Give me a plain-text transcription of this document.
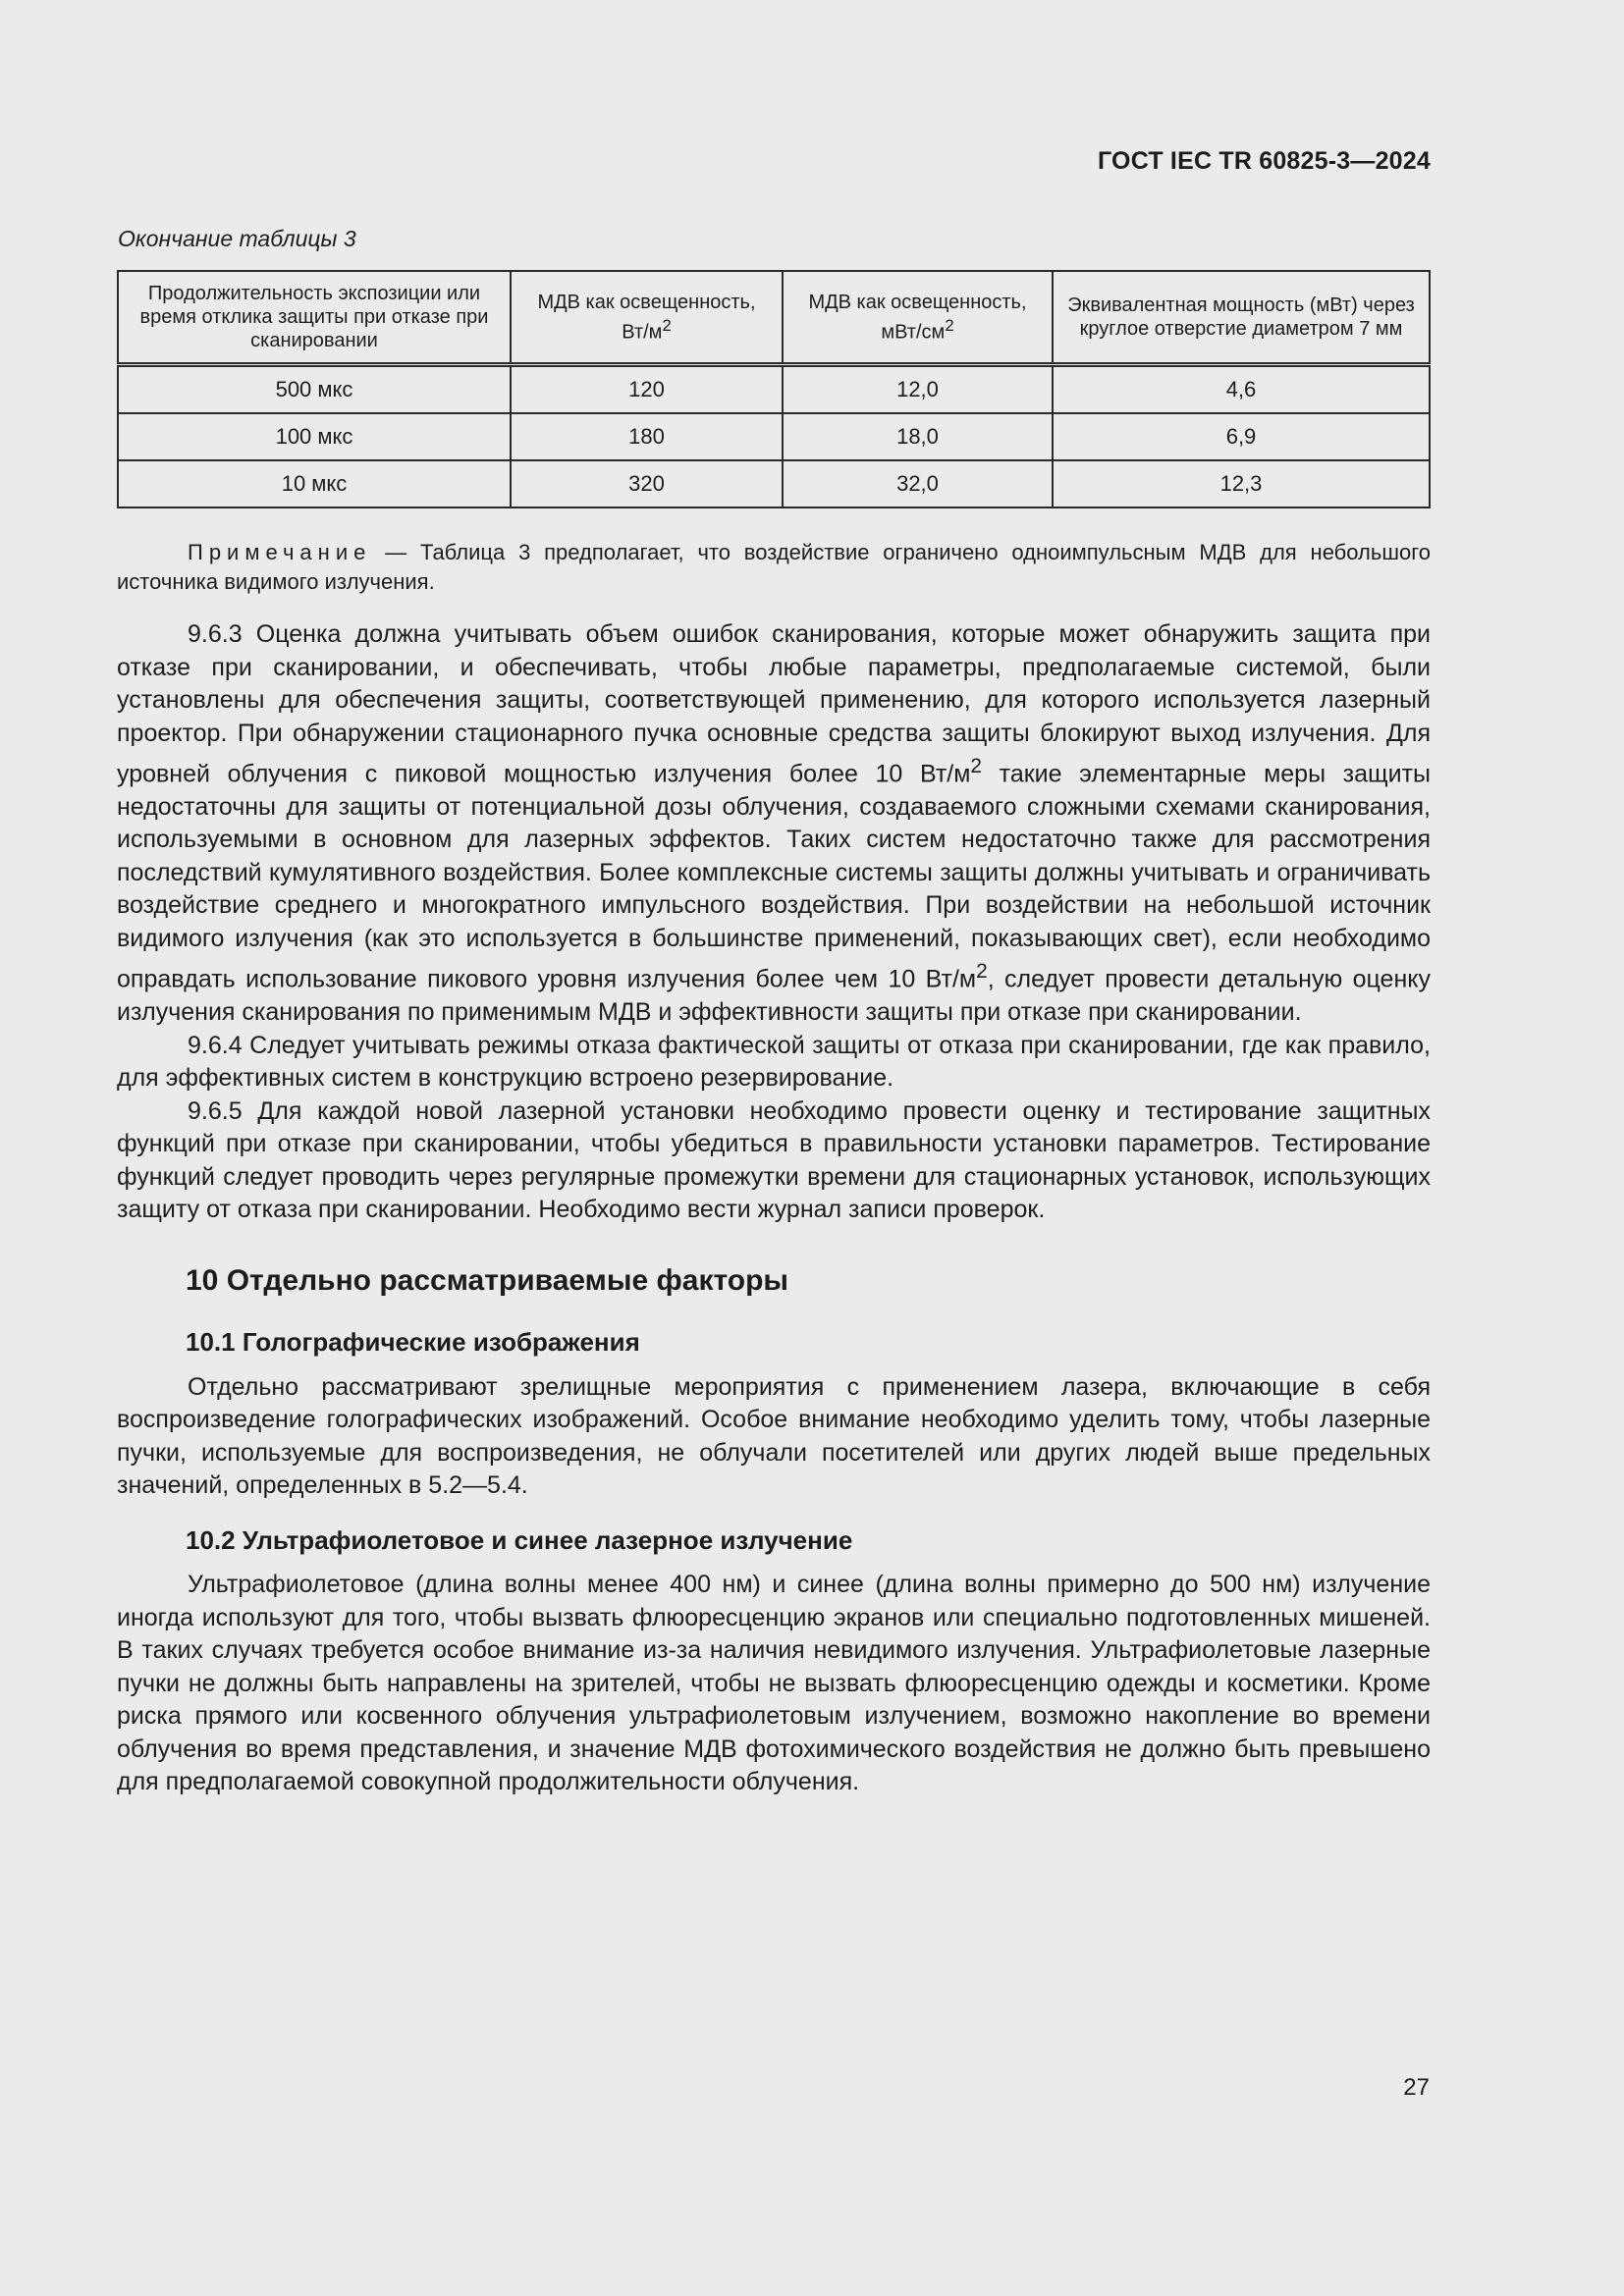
ГОСТ IEC TR 60825-3—2024
Окончание таблицы 3
Продолжительность экспозиции или время отклика защиты при отказе при сканировании	МДВ как освещенность, $Вт/м^2$	МДВ как освещенность, мВт/$см^2$	Эквивалентная мощность (мВт) через круглое отверстие диаметром 7 мм
500 мкс	120	12,0	4,6
100 мкс	180	18,0	6,9
10 мкс	320	32,0	12,3

Примечание — Таблица 3 предполагает, что воздействие ограничено одноимпульсным МДВ для небольшого источника видимого излучения.

9.6.3 Оценка должна учитывать объем ошибок сканирования, которые может обнаружить защита при отказе при сканировании, и обеспечивать, чтобы любые параметры, предполагаемые системой, были установлены для обеспечения защиты, соответствующей применению, для которого используется лазерный проектор. При обнаружении стационарного пучка основные средства защиты блокируют выход излучения. Для уровней облучения с пиковой мощностью излучения более 10 $Вт/м^2$ такие элементарные меры защиты недостаточны для защиты от потенциальной дозы облучения, создаваемого сложными схемами сканирования, используемыми в основном для лазерных эффектов. Таких систем недостаточно также для рассмотрения последствий кумулятивного воздействия. Более комплексные системы защиты должны учитывать и ограничивать воздействие среднего и многократного импульсного воздействия. При воздействии на небольшой источник видимого излучения (как это используется в большинстве применений, показывающих свет), если необходимо оправдать использование пикового уровня излучения более чем 10 $Вт/м^2$, следует провести детальную оценку излучения сканирования по применимым МДВ и эффективности защиты при отказе при сканировании.

9.6.4 Следует учитывать режимы отказа фактической защиты от отказа при сканировании, где как правило, для эффективных систем в конструкцию встроено резервирование.

9.6.5 Для каждой новой лазерной установки необходимо провести оценку и тестирование защитных функций при отказе при сканировании, чтобы убедиться в правильности установки параметров. Тестирование функций следует проводить через регулярные промежутки времени для стационарных установок, использующих защиту от отказа при сканировании. Необходимо вести журнал записи проверок.

10 Отдельно рассматриваемые факторы
10.1 Голографические изображения

Отдельно рассматривают зрелищные мероприятия с применением лазера, включающие в себя воспроизведение голографических изображений. Особое внимание необходимо уделить тому, чтобы лазерные пучки, используемые для воспроизведения, не облучали посетителей или других людей выше предельных значений, определенных в 5.2—5.4.

10.2 Ультрафиолетовое и синее лазерное излучение

Ультрафиолетовое (длина волны менее 400 нм) и синее (длина волны примерно до 500 нм) излучение иногда используют для того, чтобы вызвать флюоресценцию экранов или специально подготовленных мишеней. В таких случаях требуется особое внимание из-за наличия невидимого излучения. Ультрафиолетовые лазерные пучки не должны быть направлены на зрителей, чтобы не вызвать флюоресценцию одежды и косметики. Кроме риска прямого или косвенного облучения ультрафиолетовым излучением, возможно накопление во времени облучения во время представления, и значение МДВ фотохимического воздействия не должно быть превышено для предполагаемой совокупной продолжительности облучения.

27
